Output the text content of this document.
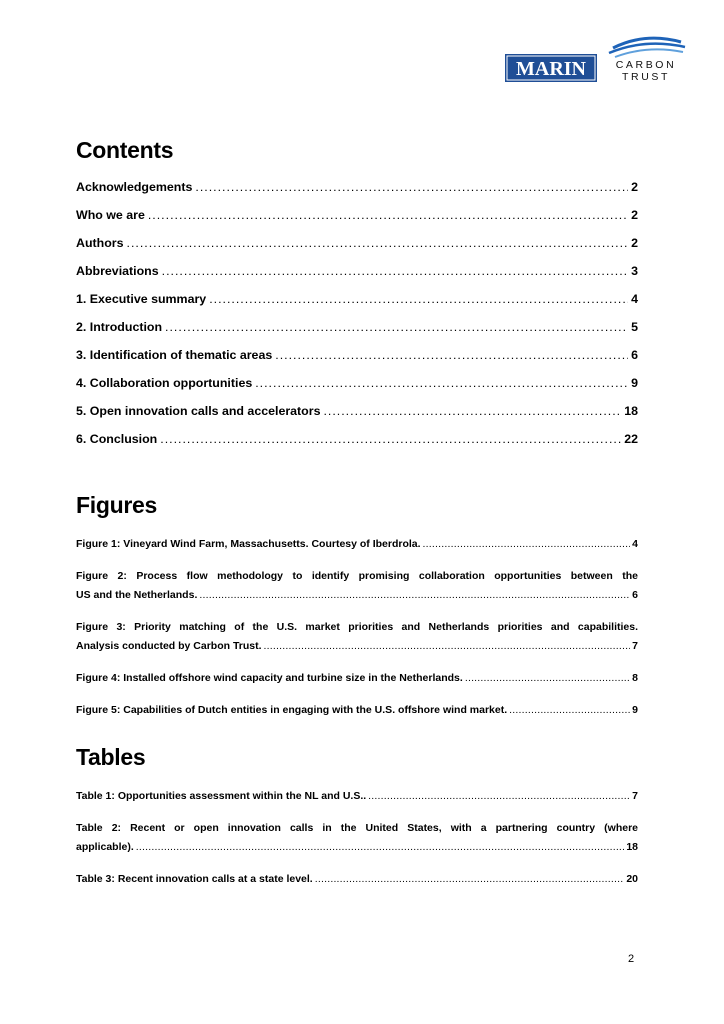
MARIN	CARBON
TRUST
Contents
Acknowledgements .....	2
Who we are .....	2
Authors .....	2
Abbreviations .....	3
1. Executive summary .....	4
2. Introduction .....	5
3. Identification of thematic areas .....	6
4. Collaboration opportunities .....	9
5. Open innovation calls and accelerators .....	18
6. Conclusion .....	22
Figures
Figure 1: Vineyard Wind Farm, Massachusetts. Courtesy of Iberdrola. .....	4
Figure 2: Process flow methodology to identify promising collaboration opportunities between the
US and the Netherlands. .....	6
Figure 3: Priority matching of the U.S. market priorities and Netherlands priorities and capabilities.
Analysis conducted by Carbon Trust. .....	7
Figure 4: Installed offshore wind capacity and turbine size in the Netherlands. .....	8
Figure 5: Capabilities of Dutch entities in engaging with the U.S. offshore wind market. .....	9
Tables
Table 1: Opportunities assessment within the NL and U.S.. .....	7
Table 2: Recent or open innovation calls in the United States, with a partnering country (where
applicable). .....	18
Table 3: Recent innovation calls at a state level. .....	20
2
